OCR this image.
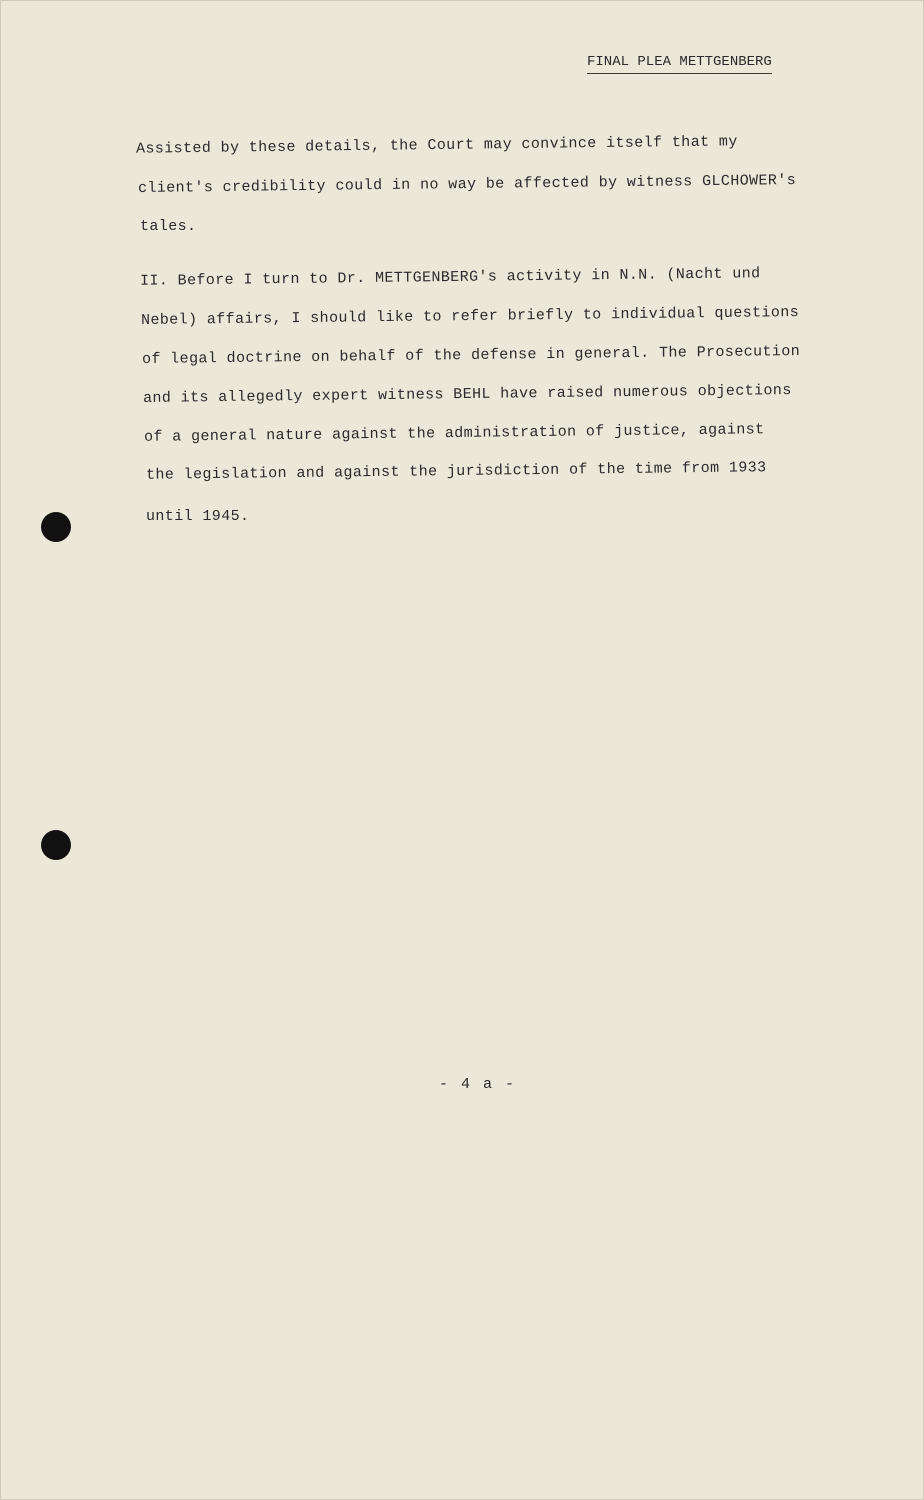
FINAL PLEA METTGENBERG
Assisted by these details, the Court may convince itself that my
client's credibility could in no way be affected by witness GLCHOWER's
tales.
II. Before I turn to Dr. METTGENBERG's activity in N.N. (Nacht und
Nebel) affairs, I should like to refer briefly to individual questions
of legal doctrine on behalf of the defense in general. The Prosecution
and its allegedly expert witness BEHL have raised numerous objections
of a general nature against the administration of justice, against
the legislation and against the jurisdiction of the time from 1933
until 1945.
- 4 a -
